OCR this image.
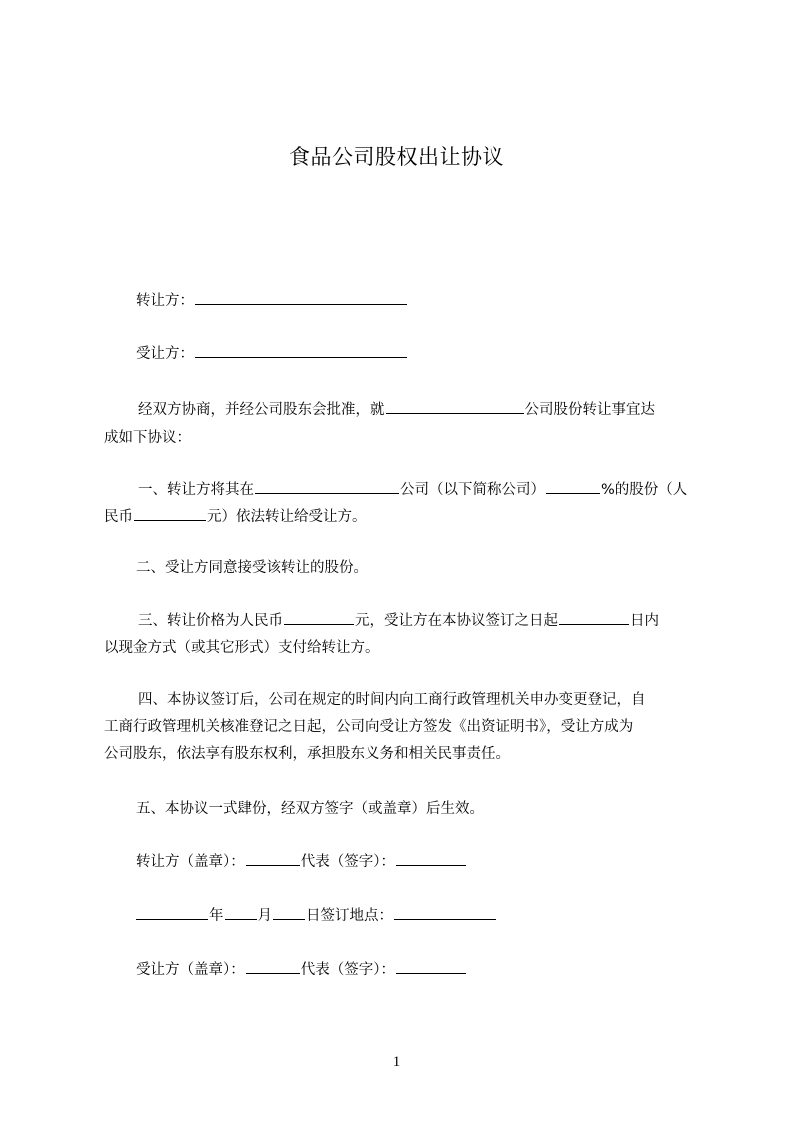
食品公司股权出让协议
转让方：
受让方：
经双方协商，并经公司股东会批准，就	公司股份转让事宜达
成如下协议：
一、转让方将其在	公司（以下简称公司）	%的股份（人
民币	元）依法转让给受让方。
二、受让方同意接受该转让的股份。
三、转让价格为人民币	元，受让方在本协议签订之日起	日内
以现金方式（或其它形式）支付给转让方。
四、本协议签订后，公司在规定的时间内向工商行政管理机关申办变更登记，自
工商行政管理机关核准登记之日起，公司向受让方签发《出资证明书》，受让方成为
公司股东，依法享有股东权利，承担股东义务和相关民事责任。
五、本协议一式肆份，经双方签字（或盖章）后生效。
转让方（盖章）：	代表（签字）：
年 月 日签订地点：
受让方（盖章）：	代表（签字）：
1
